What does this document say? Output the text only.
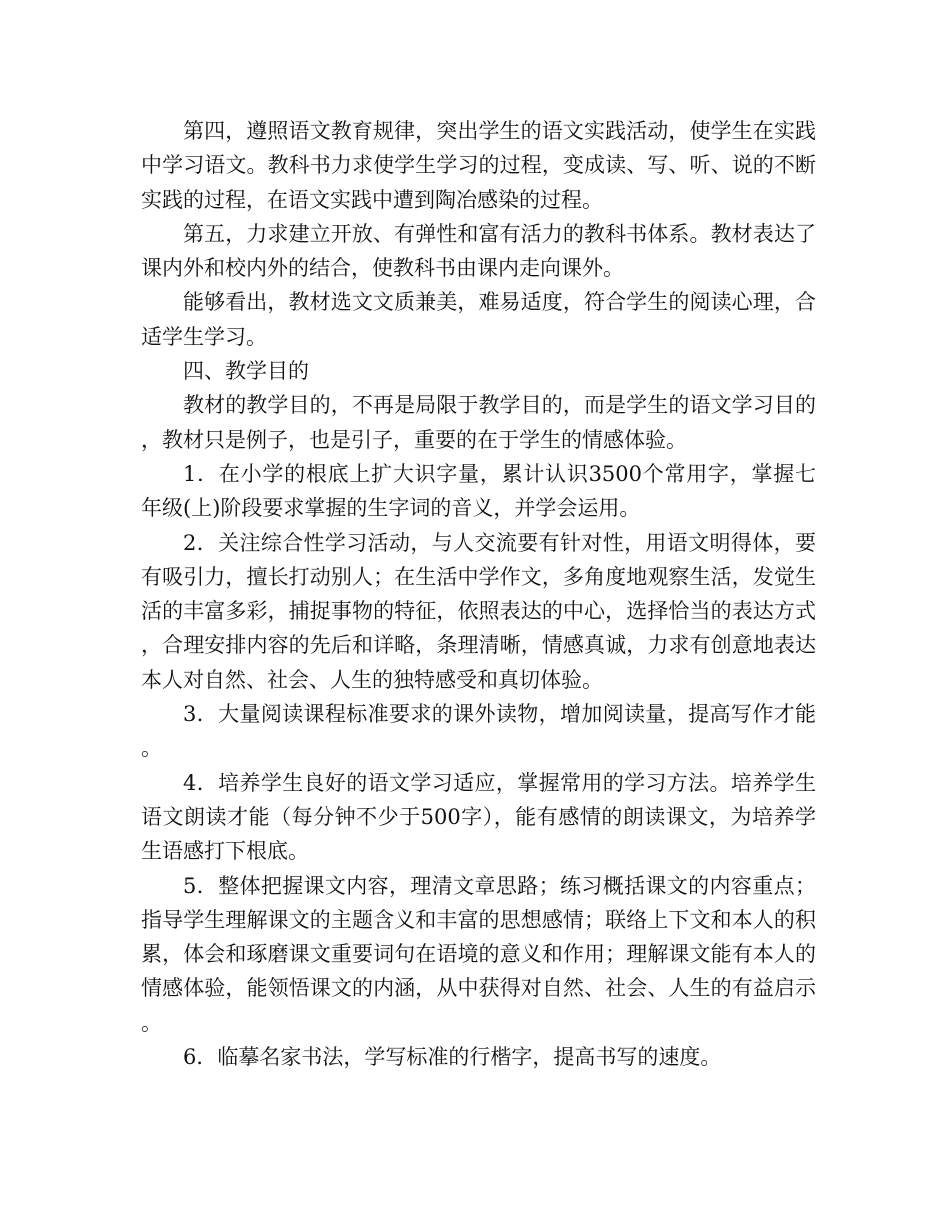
第四，遵照语文教育规律，突出学生的语文实践活动，使学生在实践中学习语文。教科书力求使学生学习的过程，变成读、写、听、说的不断实践的过程，在语文实践中遭到陶冶感染的过程。

第五，力求建立开放、有弹性和富有活力的教科书体系。教材表达了课内外和校内外的结合，使教科书由课内走向课外。

能够看出，教材选文文质兼美，难易适度，符合学生的阅读心理，合适学生学习。

四、教学目的

教材的教学目的，不再是局限于教学目的，而是学生的语文学习目的，教材只是例子，也是引子，重要的在于学生的情感体验。

1．在小学的根底上扩大识字量，累计认识3500个常用字，掌握七年级(上)阶段要求掌握的生字词的音义，并学会运用。

2．关注综合性学习活动，与人交流要有针对性，用语文明得体，要有吸引力，擅长打动别人；在生活中学作文，多角度地观察生活，发觉生活的丰富多彩，捕捉事物的特征，依照表达的中心，选择恰当的表达方式，合理安排内容的先后和详略，条理清晰，情感真诚，力求有创意地表达本人对自然、社会、人生的独特感受和真切体验。

3．大量阅读课程标准要求的课外读物，增加阅读量，提高写作才能。

4．培养学生良好的语文学习适应，掌握常用的学习方法。培养学生语文朗读才能（每分钟不少于500字），能有感情的朗读课文，为培养学生语感打下根底。

5．整体把握课文内容，理清文章思路；练习概括课文的内容重点；指导学生理解课文的主题含义和丰富的思想感情；联络上下文和本人的积累，体会和琢磨课文重要词句在语境的意义和作用；理解课文能有本人的情感体验，能领悟课文的内涵，从中获得对自然、社会、人生的有益启示。

6．临摹名家书法，学写标准的行楷字，提高书写的速度。
